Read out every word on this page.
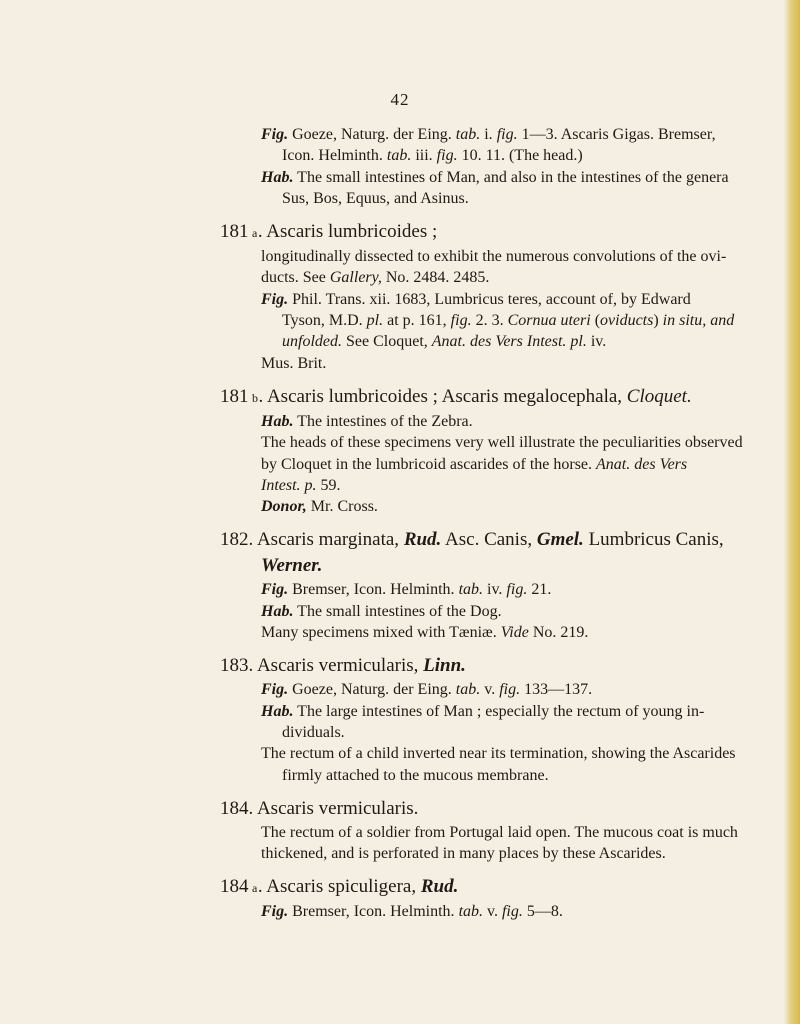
42
Fig. Goeze, Naturg. der Eing. tab. i. fig. 1—3. Ascaris Gigas. Bremser,
Icon. Helminth. tab. iii. fig. 10. 11. (The head.)
Hab. The small intestines of Man, and also in the intestines of the genera
Sus, Bos, Equus, and Asinus.
181 a. Ascaris lumbricoides ;
longitudinally dissected to exhibit the numerous convolutions of the ovi-
ducts. See Gallery, No. 2484. 2485.
Fig. Phil. Trans. xii. 1683, Lumbricus teres, account of, by Edward
Tyson, M.D. pl. at p. 161, fig. 2. 3. Cornua uteri (oviducts) in situ, and
unfolded. See Cloquet, Anat. des Vers Intest. pl. iv.
Mus. Brit.
181 b. Ascaris lumbricoides ; Ascaris megalocephala, Cloquet.
Hab. The intestines of the Zebra.
The heads of these specimens very well illustrate the peculiarities observed
by Cloquet in the lumbricoid ascarides of the horse. Anat. des Vers
Intest. p. 59.
Donor, Mr. Cross.
182. Ascaris marginata, Rud. Asc. Canis, Gmel. Lumbricus Canis,
Werner.
Fig. Bremser, Icon. Helminth. tab. iv. fig. 21.
Hab. The small intestines of the Dog.
Many specimens mixed with Tæniæ. Vide No. 219.
183. Ascaris vermicularis, Linn.
Fig. Goeze, Naturg. der Eing. tab. v. fig. 133—137.
Hab. The large intestines of Man ; especially the rectum of young in-
dividuals.
The rectum of a child inverted near its termination, showing the Ascarides
firmly attached to the mucous membrane.
184. Ascaris vermicularis.
The rectum of a soldier from Portugal laid open. The mucous coat is much
thickened, and is perforated in many places by these Ascarides.
184 a. Ascaris spiculigera, Rud.
Fig. Bremser, Icon. Helminth. tab. v. fig. 5—8.
